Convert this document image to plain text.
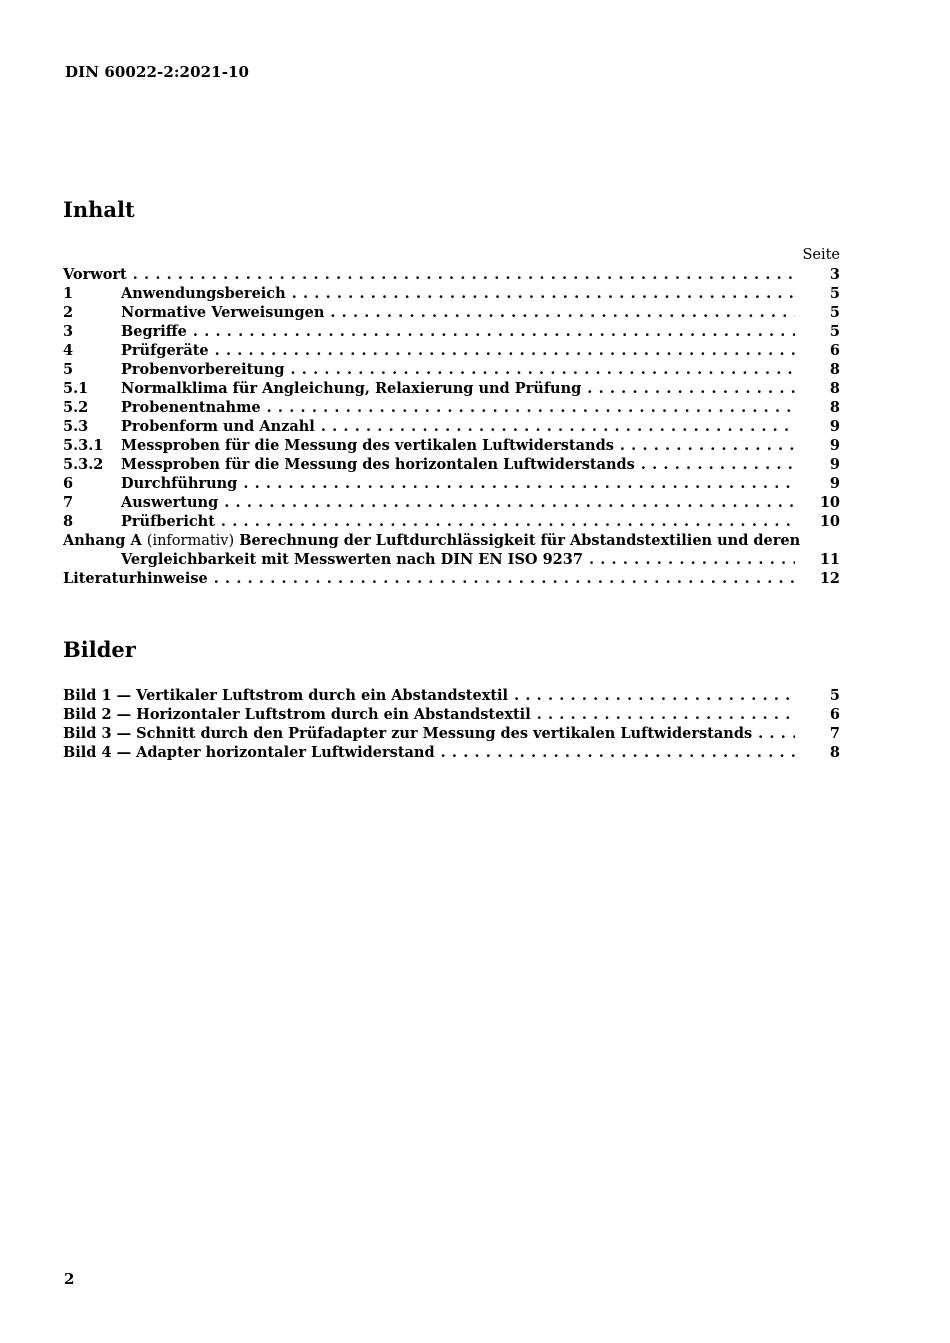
DIN 60022-2:2021-10
Inhalt
Seite
Vorwort . . .	3
1	Anwendungsbereich . . .	5
2	Normative Verweisungen . . .	5
3	Begriffe . . .	5
4	Prüfgeräte . . .	6
5	Probenvorbereitung . . .	8
5.1 Normalklima für Angleichung, Relaxierung und Prüfung . . .	8
5.2 Probenentnahme . . .	8
5.3 Probenform und Anzahl . . .	9
5.3.1 Messproben für die Messung des vertikalen Luftwiderstands . . .	9
5.3.2 Messproben für die Messung des horizontalen Luftwiderstands . . .	9
6	Durchführung . . .	9
7	Auswertung . . .	10
8	Prüfbericht . . .	10
Anhang A (informativ) Berechnung der Luftdurchlässigkeit für Abstandstextilien und deren
Vergleichbarkeit mit Messwerten nach DIN EN ISO 9237 . . .	11
Literaturhinweise . . .	12
Bilder
Bild 1 — Vertikaler Luftstrom durch ein Abstandstextil . . .	5
Bild 2 — Horizontaler Luftstrom durch ein Abstandstextil . . .	6
Bild 3 — Schnitt durch den Prüfadapter zur Messung des vertikalen Luftwiderstands . . .	7
Bild 4 — Adapter horizontaler Luftwiderstand . . .	8
2
